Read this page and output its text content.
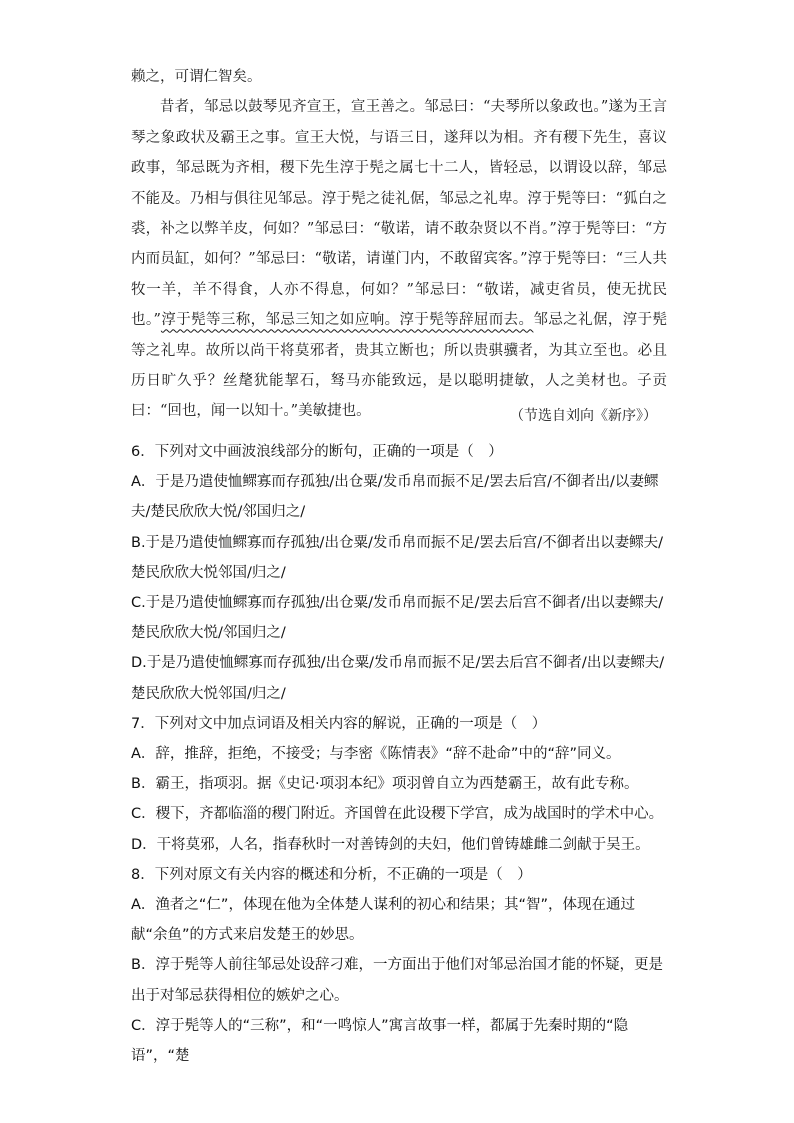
赖之，可谓仁智矣。

昔者，邹忌以鼓琴见齐宣王，宣王善之。邹忌曰：“夫琴所以象政也。”遂为王言琴之象政状及霸王之事。宣王大悦，与语三日，遂拜以为相。齐有稷下先生，喜议政事，邹忌既为齐相，稷下先生淳于髡之属七十二人，皆轻忌，以谓设以辞，邹忌不能及。乃相与俱往见邹忌。淳于髡之徒礼倨，邹忌之礼卑。淳于髡等曰：“狐白之裘，补之以弊羊皮，何如？”邹忌曰：“敬诺，请不敢杂贤以不肖。”淳于髡等曰：“方内而员缸，如何？”邹忌曰：“敬诺，请谨门内，不敢留宾客。”淳于髡等曰：“三人共牧一羊，羊不得食，人亦不得息，何如？”邹忌曰：“敬诺，减吏省员，使无扰民也。”淳于髡等三称，邹忌三知之如应响。淳于髡等辞屈而去。邹忌之礼倨，淳于髡等之礼卑。故所以尚干将莫邪者，贵其立断也；所以贵骐骥者，为其立至也。必且历日旷久乎？丝氂犹能挈石，驽马亦能致远，是以聪明捷敏，人之美材也。子贡曰：“回也，闻一以知十。”美敏捷也。	（节选自刘向《新序》）

6．下列对文中画波浪线部分的断句，正确的一项是（　）

A．于是乃遣使恤鳏寡而存孤独/出仓粟/发币帛而振不足/罢去后宫/不御者出/以妻鳏夫/楚民欣欣大悦/邻国归之/

B.于是乃遣使恤鳏寡而存孤独/出仓粟/发币帛而振不足/罢去后宫/不御者出以妻鳏夫/楚民欣欣大悦邻国/归之/

C.于是乃遣使恤鳏寡而存孤独/出仓粟/发币帛而振不足/罢去后宫不御者/出以妻鳏夫/楚民欣欣大悦/邻国归之/

D.于是乃遣使恤鳏寡而存孤独/出仓粟/发币帛而振不足/罢去后宫不御者/出以妻鳏夫/楚民欣欣大悦邻国/归之/

7．下列对文中加点词语及相关内容的解说，正确的一项是（　）

A．辞，推辞，拒绝，不接受；与李密《陈情表》“辞不赴命”中的“辞”同义。

B．霸王，指项羽。据《史记·项羽本纪》项羽曾自立为西楚霸王，故有此专称。

C．稷下，齐都临淄的稷门附近。齐国曾在此设稷下学宫，成为战国时的学术中心。

D．干将莫邪，人名，指春秋时一对善铸剑的夫妇，他们曾铸雄雌二剑献于吴王。

8．下列对原文有关内容的概述和分析，不正确的一项是（　）

A．渔者之“仁”，体现在他为全体楚人谋利的初心和结果；其“智”，体现在通过献“余鱼”的方式来启发楚王的妙思。

B．淳于髡等人前往邹忌处设辞刁难，一方面出于他们对邹忌治国才能的怀疑，更是出于对邹忌获得相位的嫉妒之心。

C．淳于髡等人的“三称”，和“一鸣惊人”寓言故事一样，都属于先秦时期的“隐语”，“楚
